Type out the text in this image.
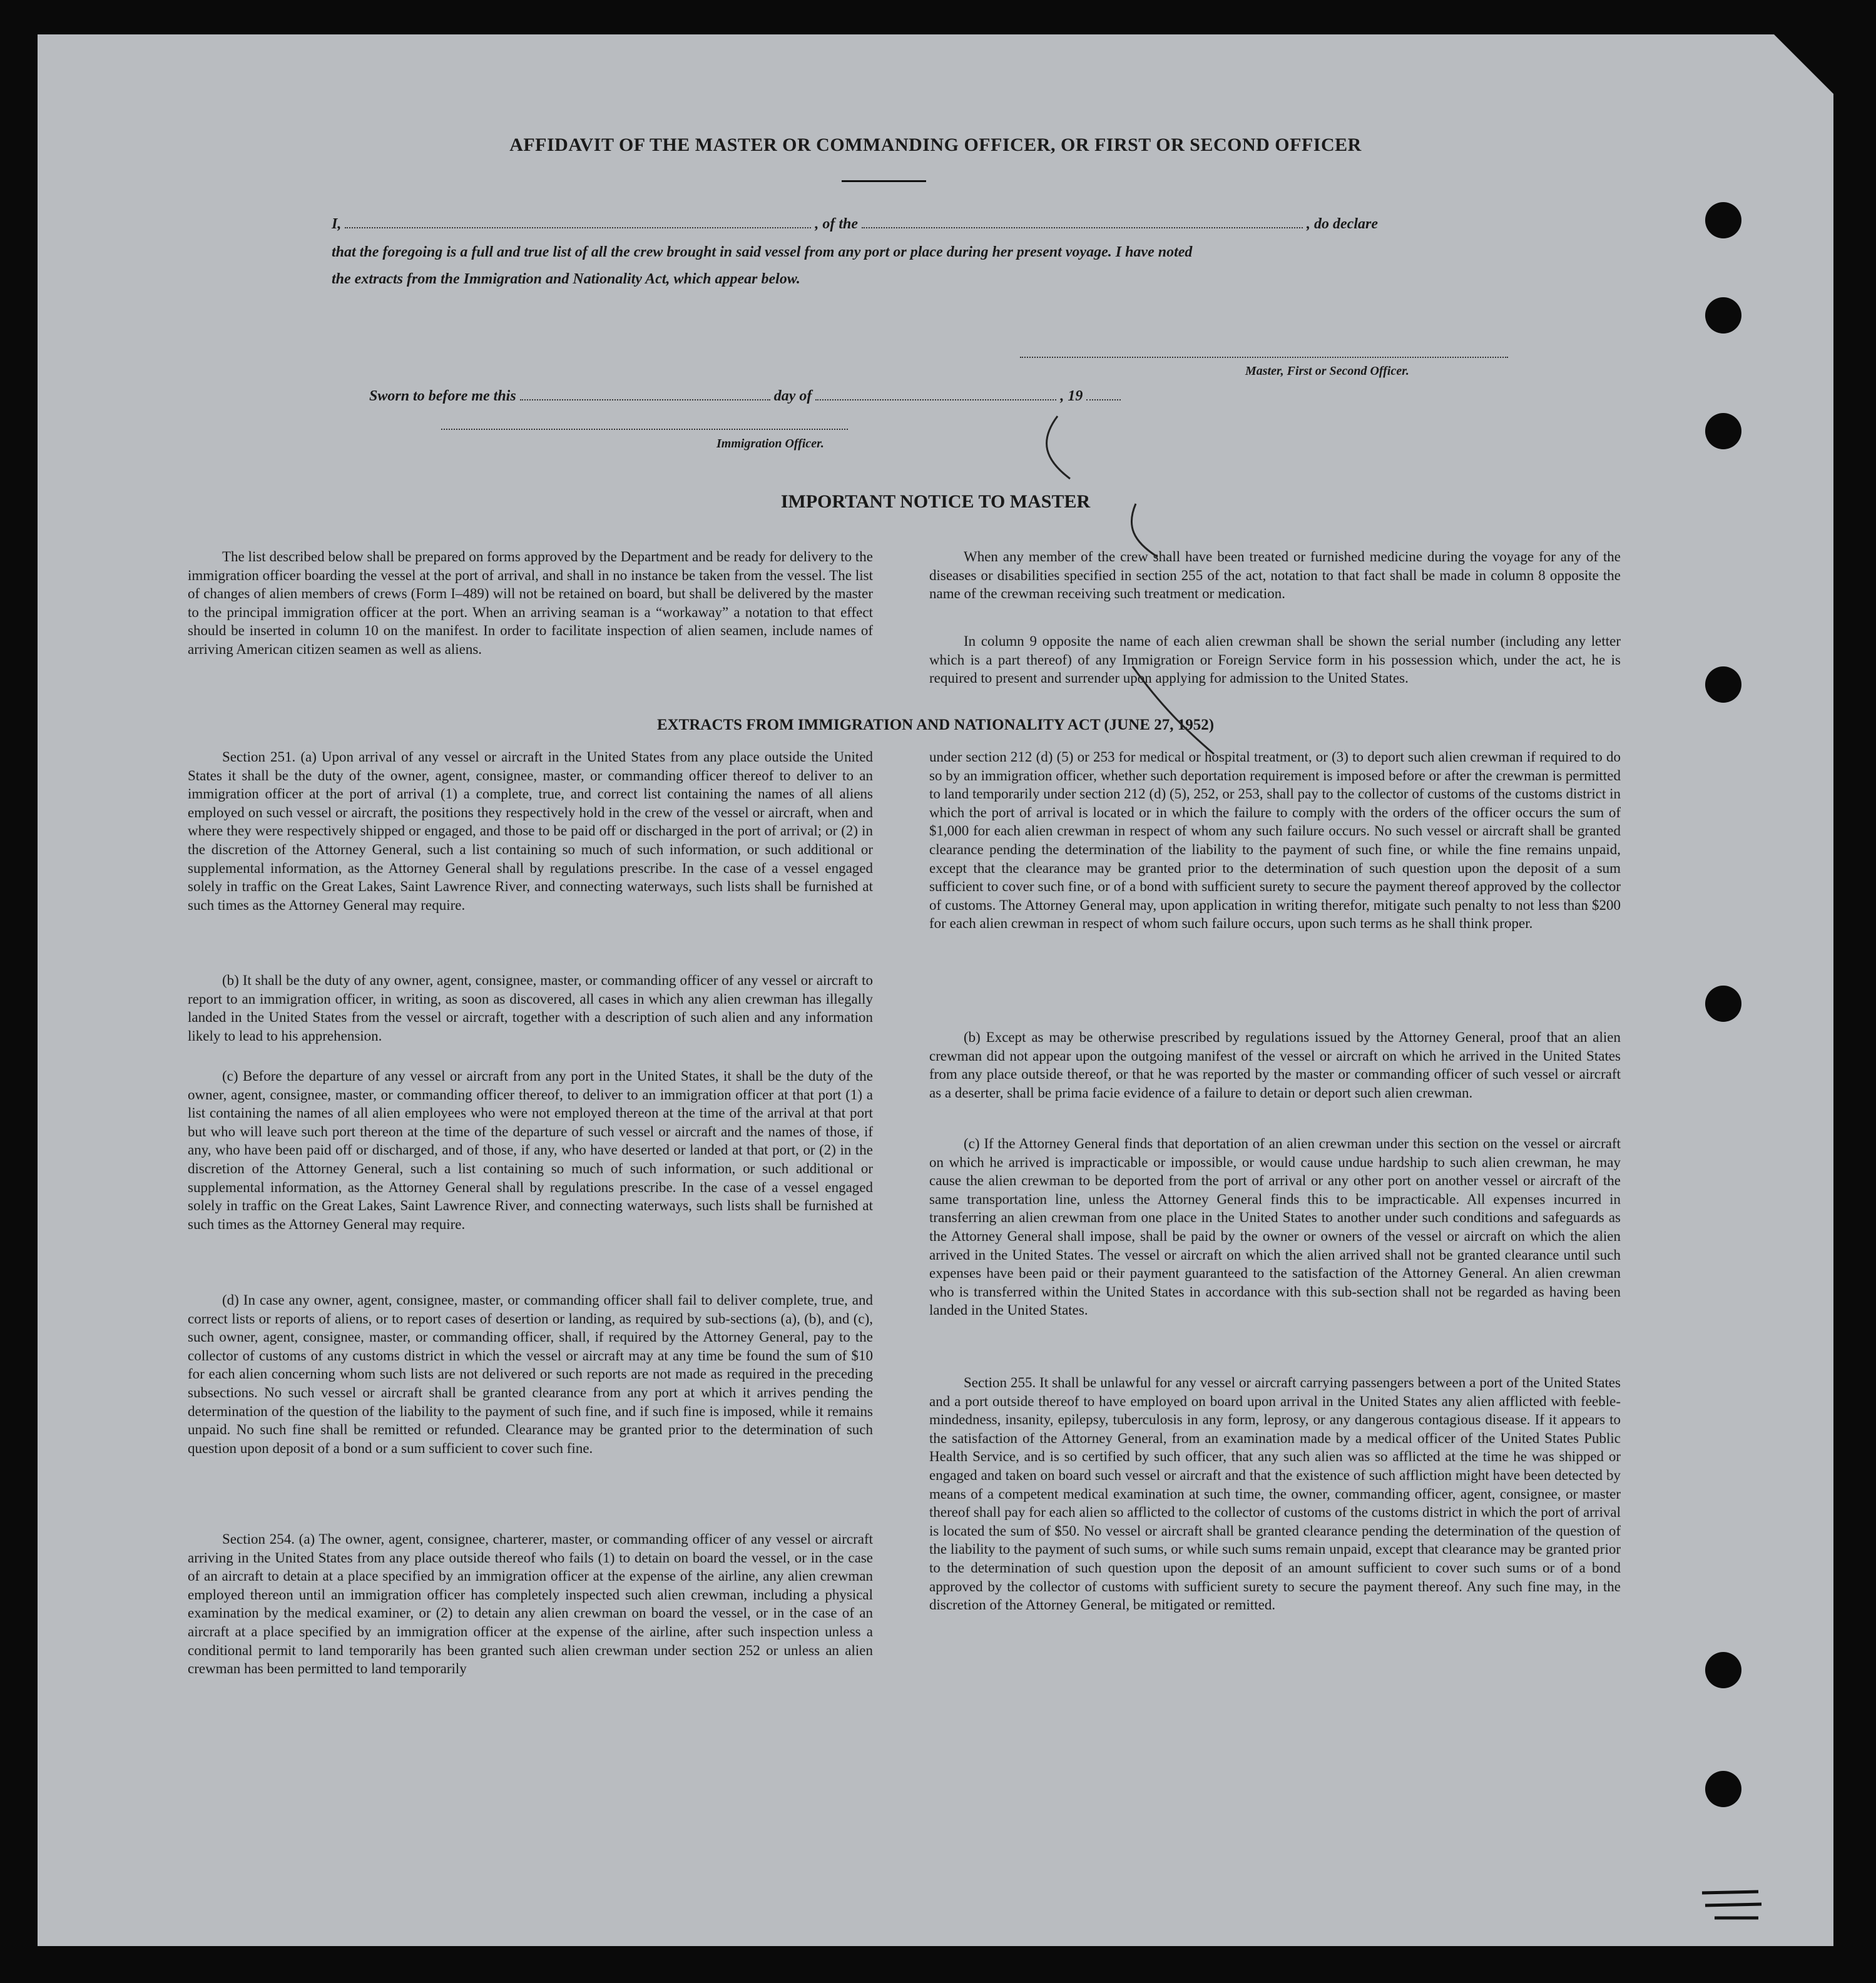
AFFIDAVIT OF THE MASTER OR COMMANDING OFFICER, OR FIRST OR SECOND OFFICER
I,	, of the	, do declare
that the foregoing is a full and true list of all the crew brought in said vessel from any port or place during her present voyage. I have noted
the extracts from the Immigration and Nationality Act, which appear below.
Master, First or Second Officer.
Sworn to before me this	day of	, 19
Immigration Officer.
IMPORTANT NOTICE TO MASTER

The list described below shall be prepared on forms approved by the Department and be ready for delivery to the immigration officer boarding the vessel at the port of arrival, and shall in no instance be taken from the vessel. The list of changes of alien members of crews (Form I–489) will not be retained on board, but shall be delivered by the master to the principal immigration officer at the port. When an arriving seaman is a “workaway” a notation to that effect should be inserted in column 10 on the manifest. In order to facilitate inspection of alien seamen, include names of arriving American citizen seamen as well as aliens.

When any member of the crew shall have been treated or furnished medicine during the voyage for any of the diseases or disabilities specified in section 255 of the act, notation to that fact shall be made in column 8 opposite the name of the crewman receiving such treatment or medication.

In column 9 opposite the name of each alien crewman shall be shown the serial number (including any letter which is a part thereof) of any Immigration or Foreign Service form in his possession which, under the act, he is required to present and surrender upon applying for admission to the United States.

EXTRACTS FROM IMMIGRATION AND NATIONALITY ACT (JUNE 27, 1952)

Section 251. (a) Upon arrival of any vessel or aircraft in the United States from any place outside the United States it shall be the duty of the owner, agent, consignee, master, or commanding officer thereof to deliver to an immigration officer at the port of arrival (1) a complete, true, and correct list containing the names of all aliens employed on such vessel or aircraft, the positions they respectively hold in the crew of the vessel or aircraft, when and where they were respectively shipped or engaged, and those to be paid off or discharged in the port of arrival; or (2) in the discretion of the Attorney General, such a list containing so much of such information, or such additional or supplemental information, as the Attorney General shall by regulations prescribe. In the case of a vessel engaged solely in traffic on the Great Lakes, Saint Lawrence River, and connecting waterways, such lists shall be furnished at such times as the Attorney General may require.

(b) It shall be the duty of any owner, agent, consignee, master, or commanding officer of any vessel or aircraft to report to an immigration officer, in writing, as soon as discovered, all cases in which any alien crewman has illegally landed in the United States from the vessel or aircraft, together with a description of such alien and any information likely to lead to his apprehension.

(c) Before the departure of any vessel or aircraft from any port in the United States, it shall be the duty of the owner, agent, consignee, master, or commanding officer thereof, to deliver to an immigration officer at that port (1) a list containing the names of all alien employees who were not employed thereon at the time of the arrival at that port but who will leave such port thereon at the time of the departure of such vessel or aircraft and the names of those, if any, who have been paid off or discharged, and of those, if any, who have deserted or landed at that port, or (2) in the discretion of the Attorney General, such a list containing so much of such information, or such additional or supplemental information, as the Attorney General shall by regulations prescribe. In the case of a vessel engaged solely in traffic on the Great Lakes, Saint Lawrence River, and connecting waterways, such lists shall be furnished at such times as the Attorney General may require.

(d) In case any owner, agent, consignee, master, or commanding officer shall fail to deliver complete, true, and correct lists or reports of aliens, or to report cases of desertion or landing, as required by sub-sections (a), (b), and (c), such owner, agent, consignee, master, or commanding officer, shall, if required by the Attorney General, pay to the collector of customs of any customs district in which the vessel or aircraft may at any time be found the sum of $10 for each alien concerning whom such lists are not delivered or such reports are not made as required in the preceding subsections. No such vessel or aircraft shall be granted clearance from any port at which it arrives pending the determination of the question of the liability to the payment of such fine, and if such fine is imposed, while it remains unpaid. No such fine shall be remitted or refunded. Clearance may be granted prior to the determination of such question upon deposit of a bond or a sum sufficient to cover such fine.

Section 254. (a) The owner, agent, consignee, charterer, master, or commanding officer of any vessel or aircraft arriving in the United States from any place outside thereof who fails (1) to detain on board the vessel, or in the case of an aircraft to detain at a place specified by an immigration officer at the expense of the airline, any alien crewman employed thereon until an immigration officer has completely inspected such alien crewman, including a physical examination by the medical examiner, or (2) to detain any alien crewman on board the vessel, or in the case of an aircraft at a place specified by an immigration officer at the expense of the airline, after such inspection unless a conditional permit to land temporarily has been granted such alien crewman under section 252 or unless an alien crewman has been permitted to land temporarily

under section 212 (d) (5) or 253 for medical or hospital treatment, or (3) to deport such alien crewman if required to do so by an immigration officer, whether such deportation requirement is imposed before or after the crewman is permitted to land temporarily under section 212 (d) (5), 252, or 253, shall pay to the collector of customs of the customs district in which the port of arrival is located or in which the failure to comply with the orders of the officer occurs the sum of $1,000 for each alien crewman in respect of whom any such failure occurs. No such vessel or aircraft shall be granted clearance pending the determination of the liability to the payment of such fine, or while the fine remains unpaid, except that the clearance may be granted prior to the determination of such question upon the deposit of a sum sufficient to cover such fine, or of a bond with sufficient surety to secure the payment thereof approved by the collector of customs. The Attorney General may, upon application in writing therefor, mitigate such penalty to not less than $200 for each alien crewman in respect of whom such failure occurs, upon such terms as he shall think proper.

(b) Except as may be otherwise prescribed by regulations issued by the Attorney General, proof that an alien crewman did not appear upon the outgoing manifest of the vessel or aircraft on which he arrived in the United States from any place outside thereof, or that he was reported by the master or commanding officer of such vessel or aircraft as a deserter, shall be prima facie evidence of a failure to detain or deport such alien crewman.

(c) If the Attorney General finds that deportation of an alien crewman under this section on the vessel or aircraft on which he arrived is impracticable or impossible, or would cause undue hardship to such alien crewman, he may cause the alien crewman to be deported from the port of arrival or any other port on another vessel or aircraft of the same transportation line, unless the Attorney General finds this to be impracticable. All expenses incurred in transferring an alien crewman from one place in the United States to another under such conditions and safeguards as the Attorney General shall impose, shall be paid by the owner or owners of the vessel or aircraft on which the alien arrived in the United States. The vessel or aircraft on which the alien arrived shall not be granted clearance until such expenses have been paid or their payment guaranteed to the satisfaction of the Attorney General. An alien crewman who is transferred within the United States in accordance with this sub-section shall not be regarded as having been landed in the United States.

Section 255. It shall be unlawful for any vessel or aircraft carrying passengers between a port of the United States and a port outside thereof to have employed on board upon arrival in the United States any alien afflicted with feeble-mindedness, insanity, epilepsy, tuberculosis in any form, leprosy, or any dangerous contagious disease. If it appears to the satisfaction of the Attorney General, from an examination made by a medical officer of the United States Public Health Service, and is so certified by such officer, that any such alien was so afflicted at the time he was shipped or engaged and taken on board such vessel or aircraft and that the existence of such affliction might have been detected by means of a competent medical examination at such time, the owner, commanding officer, agent, consignee, or master thereof shall pay for each alien so afflicted to the collector of customs of the customs district in which the port of arrival is located the sum of $50. No vessel or aircraft shall be granted clearance pending the determination of the question of the liability to the payment of such sums, or while such sums remain unpaid, except that clearance may be granted prior to the determination of such question upon the deposit of an amount sufficient to cover such sums or of a bond approved by the collector of customs with sufficient surety to secure the payment thereof. Any such fine may, in the discretion of the Attorney General, be mitigated or remitted.
